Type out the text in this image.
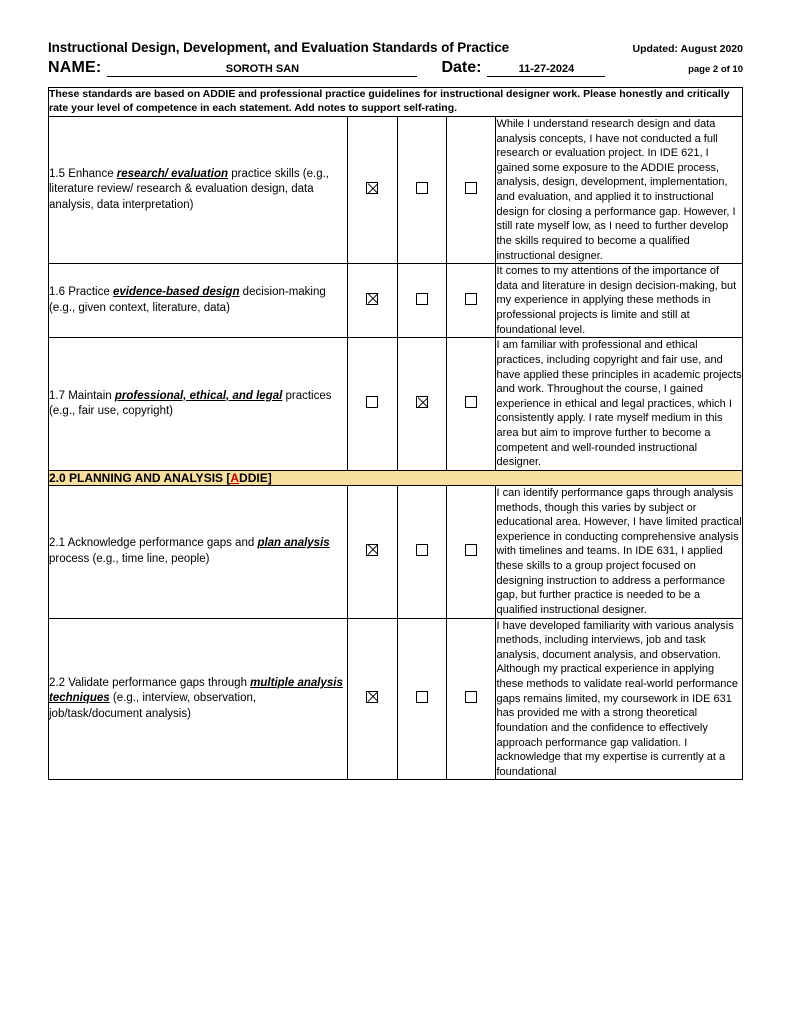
Instructional Design, Development, and Evaluation Standards of Practice	Updated: August 2020
NAME:	SOROTH SAN	Date:	11-27-2024	page 2 of 10
These standards are based on ADDIE and professional practice guidelines for instructional designer work. Please honestly and critically rate your level of competence in each statement. Add notes to support self-rating.				
1.5 Enhance research/ evaluation practice skills (e.g., literature review/ research & evaluation design, data analysis, data interpretation)				While I understand research design and data analysis concepts, I have not conducted a full research or evaluation project. In IDE 621, I gained some exposure to the ADDIE process, analysis, design, development, implementation, and evaluation, and applied it to instructional design for closing a performance gap. However, I still rate myself low, as I need to further develop the skills required to become a qualified instructional designer.
1.6 Practice evidence-based design decision-making (e.g., given context, literature, data)				It comes to my attentions of the importance of data and literature in design decision-making, but my experience in applying these methods in professional projects is limite and still at foundational level.
1.7 Maintain professional, ethical, and legal practices (e.g., fair use, copyright)				I am familiar with professional and ethical practices, including copyright and fair use, and have applied these principles in academic projects and work. Throughout the course, I gained experience in ethical and legal practices, which I consistently apply. I rate myself medium in this area but aim to improve further to become a competent and well-rounded instructional designer.
2.0 PLANNING AND ANALYSIS [ADDIE]				
2.1 Acknowledge performance gaps and plan analysis process (e.g., time line, people)				I can identify performance gaps through analysis methods, though this varies by subject or educational area. However, I have limited practical experience in conducting comprehensive analysis with timelines and teams. In IDE 631, I applied these skills to a group project focused on designing instruction to address a performance gap, but further practice is needed to be a qualified instructional designer.
2.2 Validate performance gaps through multiple analysis techniques (e.g., interview, observation, job/task/document analysis)				I have developed familiarity with various analysis methods, including interviews, job and task analysis, document analysis, and observation. Although my practical experience in applying these methods to validate real-world performance gaps remains limited, my coursework in IDE 631 has provided me with a strong theoretical foundation and the confidence to effectively approach performance gap validation. I acknowledge that my expertise is currently at a foundational
